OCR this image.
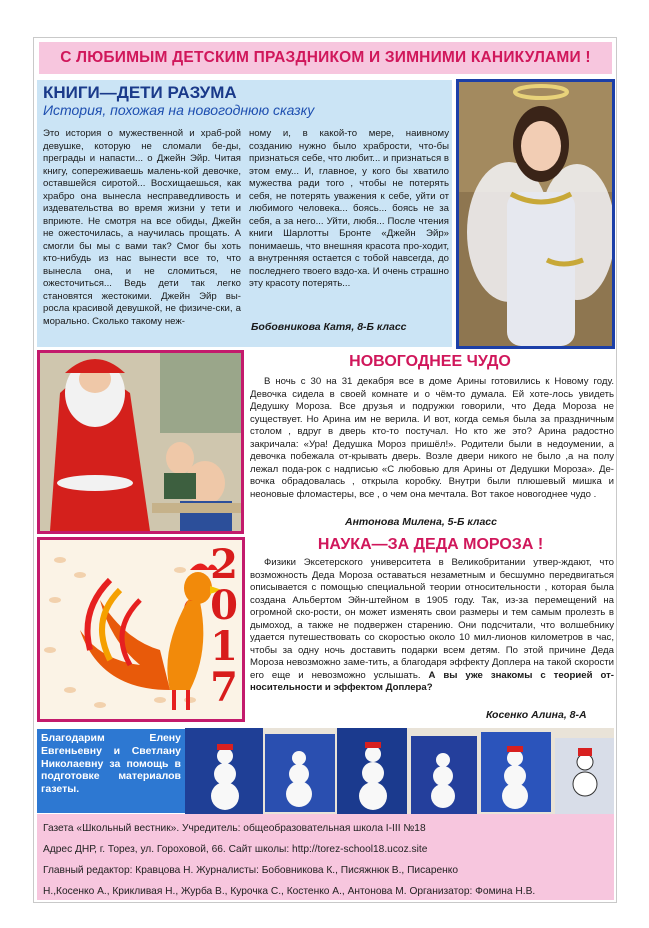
С ЛЮБИМЫМ ДЕТСКИМ ПРАЗДНИКОМ И ЗИМНИМИ КАНИКУЛАМИ !
КНИГИ—ДЕТИ РАЗУМА
История, похожая на новогоднюю сказку

Это история о мужественной и храб-рой девушке, которую не сломали бе-ды, преграды и напасти... о Джейн Эйр. Читая книгу, сопереживаешь малень-кой девочке, оставшейся сиротой... Восхищаешься, как храбро она вынесла несправедливость и издевательства во время жизни у тети и вприюте. Не смотря на все обиды, Джейн не ожесточилась, а научилась прощать. А смогли бы мы с вами так? Смог бы хоть кто-нибудь из нас вынести все то, что вынесла она, и не сломиться, не ожесточиться... Ведь дети так легко становятся жестокими. Джейн Эйр вы-росла красивой девушкой, не физиче-ски, а морально. Сколько такому неж-

ному и, в какой-то мере, наивному созданию нужно было храбрости, что-бы признаться себе, что любит... и признаться в этом ему... И, главное, у кого бы хватило мужества ради того , чтобы не потерять себя, не потерять уважения к себе, уйти от любимого человека... боясь... боясь не за себя, а за него... Уйти, любя... После чтения книги Шарлотты Бронте «Джейн Эйр» понимаешь, что внешняя красота про-ходит, а внутренняя остается с тобой навсегда, до последнего твоего вздо-ха. И очень страшно эту красоту потерять...

Бобовникова Катя, 8-Б класс

НОВОГОДНЕЕ ЧУДО

В ночь с 30 на 31 декабря все в доме Арины готовились к Новому году. Девочка сидела в своей комнате и о чём-то думала. Ей хоте-лось увидеть Дедушку Мороза. Все друзья и подружки говорили, что Деда Мороза не существует. Но Арина им не верила. И вот, когда семья была за праздничным столом , вдруг в дверь кто-то постучал. Но кто же это? Арина радостно закричала: «Ура! Дедушка Мороз пришёл!». Родители были в недоумении, а девочка побежала от-крывать дверь. Возле двери никого не было ,а на полу лежал пода-рок с надписью «С любовью для Арины от Дедушки Мороза». Де-вочка обрадовалась , открыла коробку. Внутри были плюшевый мишка и неоновые фломастеры, все , о чем она мечтала. Вот такое новогоднее чудо .

Антонова Милена, 5-Б класс

2
0
1
7
НАУКА—ЗА ДЕДА МОРОЗА !

Физики Эксетерского университета в Великобритании утвер-ждают, что возможность Деда Мороза оставаться незаметным и бесшумно передвигаться описывается с помощью специальной теории относительности , которая была создана Альбертом Эйн-штейном в 1905 году. Так, из-за перемещений на огромной ско-рости, он может изменять свои размеры и тем самым пролезть в дымоход, а также не подвержен старению. Они подсчитали, что волшебнику удается путешествовать со скоростью около 10 мил-лионов километров в час, чтобы за одну ночь доставить подарки всем детям. По этой причине Деда Мороза невозможно заме-тить, а благодаря эффекту Доплера на такой скорости его еще и невозможно услышать. А вы уже знакомы с теорией от-носительности и эффектом Доплера?

Косенко Алина, 8-А

Благодарим Елену Евгеньевну и Светлану Николаевну за помощь в подготовке материалов газеты.

Газета «Школьный вестник». Учредитель: общеобразовательная школа I-III №18

Адрес ДНР, г. Торез, ул. Гороховой, 66. Сайт школы: http://torez-school18.ucoz.site

Главный редактор: Кравцова Н. Журналисты: Бобовникова К., Писяжнюк В., Писаренко

Н.,Косенко А., Крикливая Н., Журба В., Курочка С., Костенко А., Антонова М. Организатор: Фомина Н.В.
